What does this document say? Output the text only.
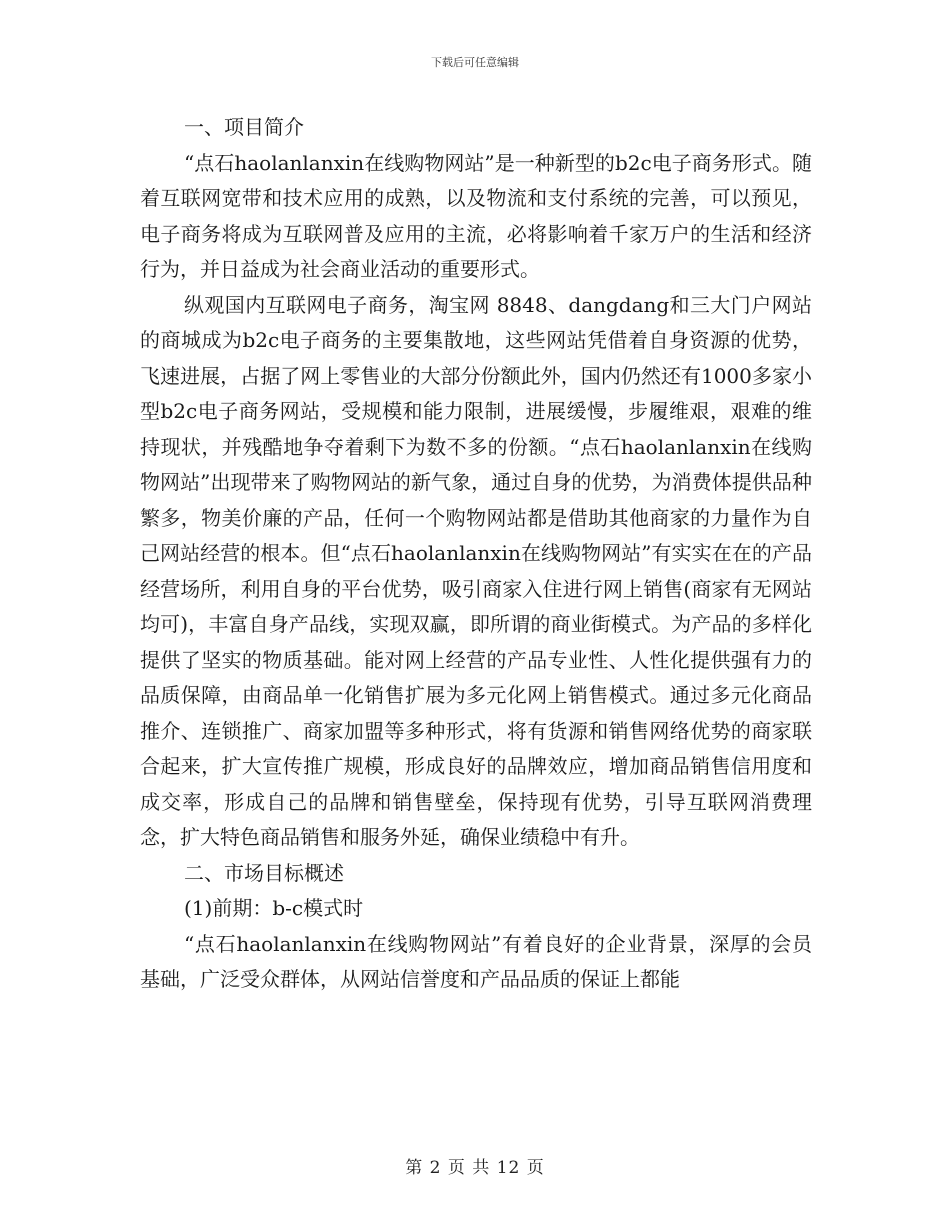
下载后可任意编辑

一、项目简介

“点石haolanlanxin在线购物网站”是一种新型的b2c电子商务形式。随着互联网宽带和技术应用的成熟，以及物流和支付系统的完善，可以预见，电子商务将成为互联网普及应用的主流，必将影响着千家万户的生活和经济行为，并日益成为社会商业活动的重要形式。

纵观国内互联网电子商务，淘宝网 8848、dangdang和三大门户网站的商城成为b2c电子商务的主要集散地，这些网站凭借着自身资源的优势，飞速进展，占据了网上零售业的大部分份额此外，国内仍然还有1000多家小型b2c电子商务网站，受规模和能力限制，进展缓慢，步履维艰，艰难的维持现状，并残酷地争夺着剩下为数不多的份额。“点石haolanlanxin在线购物网站”出现带来了购物网站的新气象，通过自身的优势，为消费体提供品种繁多，物美价廉的产品，任何一个购物网站都是借助其他商家的力量作为自己网站经营的根本。但“点石haolanlanxin在线购物网站”有实实在在的产品经营场所，利用自身的平台优势，吸引商家入住进行网上销售(商家有无网站均可)，丰富自身产品线，实现双赢，即所谓的商业街模式。为产品的多样化提供了坚实的物质基础。能对网上经营的产品专业性、人性化提供强有力的品质保障，由商品单一化销售扩展为多元化网上销售模式。通过多元化商品推介、连锁推广、商家加盟等多种形式，将有货源和销售网络优势的商家联合起来，扩大宣传推广规模，形成良好的品牌效应，增加商品销售信用度和成交率，形成自己的品牌和销售壁垒，保持现有优势，引导互联网消费理念，扩大特色商品销售和服务外延，确保业绩稳中有升。

二、市场目标概述

(1)前期：b-c模式时

“点石haolanlanxin在线购物网站”有着良好的企业背景，深厚的会员基础，广泛受众群体，从网站信誉度和产品品质的保证上都能

第 2 页 共 12 页
